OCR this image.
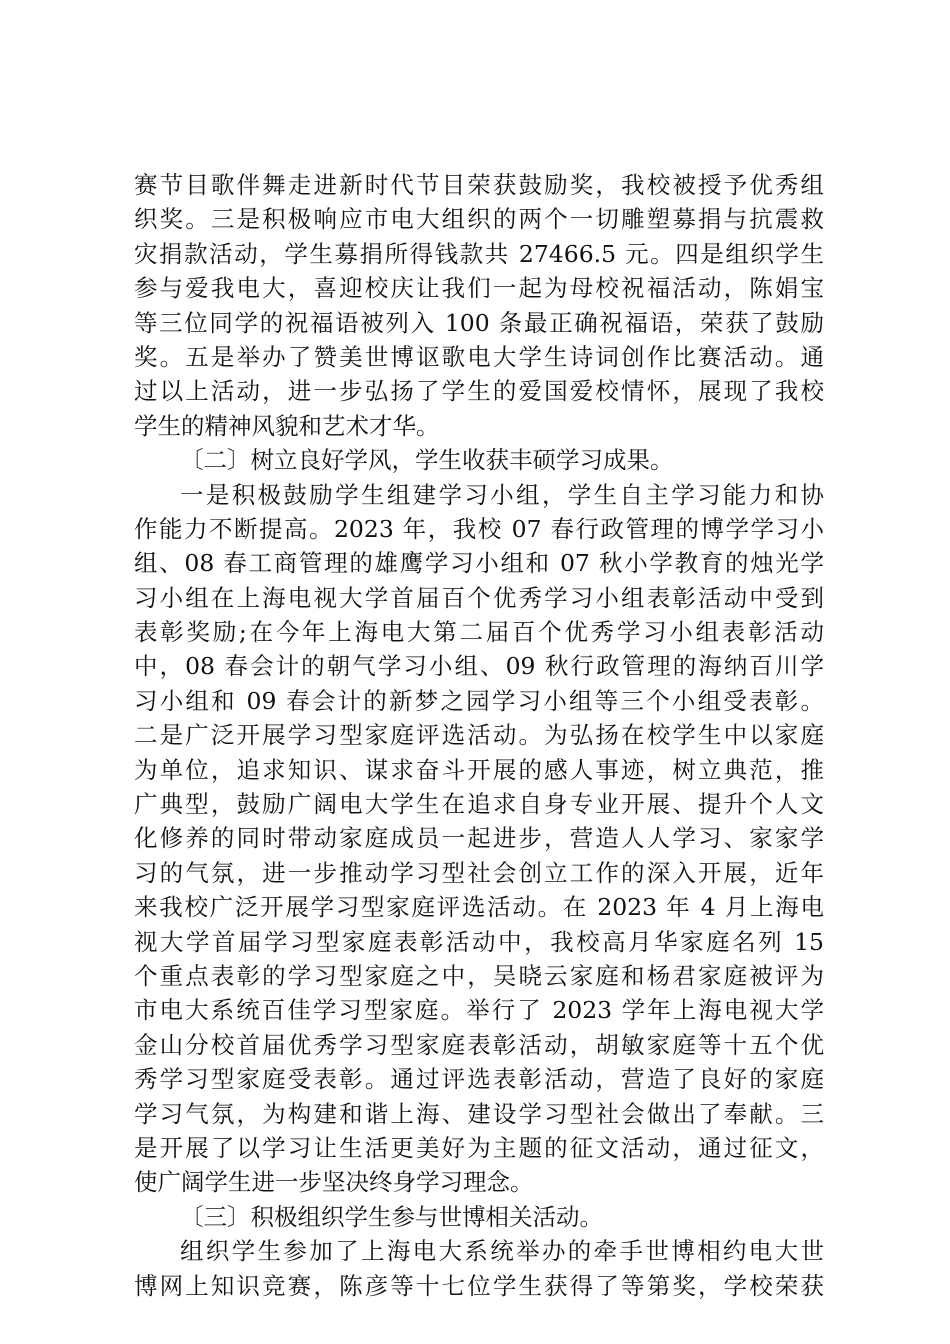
赛节目歌伴舞走进新时代节目荣获鼓励奖，我校被授予优秀组
织奖。三是积极响应市电大组织的两个一切雕塑募捐与抗震救
灾捐款活动，学生募捐所得钱款共 27466.5 元。四是组织学生
参与爱我电大，喜迎校庆让我们一起为母校祝福活动，陈娟宝
等三位同学的祝福语被列入 100 条最正确祝福语，荣获了鼓励
奖。五是举办了赞美世博讴歌电大学生诗词创作比赛活动。通
过以上活动，进一步弘扬了学生的爱国爱校情怀，展现了我校
学生的精神风貌和艺术才华。
〔二〕树立良好学风，学生收获丰硕学习成果。
一是积极鼓励学生组建学习小组，学生自主学习能力和协
作能力不断提高。2023 年，我校 07 春行政管理的博学学习小
组、08 春工商管理的雄鹰学习小组和 07 秋小学教育的烛光学
习小组在上海电视大学首届百个优秀学习小组表彰活动中受到
表彰奖励;在今年上海电大第二届百个优秀学习小组表彰活动
中，08 春会计的朝气学习小组、09 秋行政管理的海纳百川学
习小组和 09 春会计的新梦之园学习小组等三个小组受表彰。
二是广泛开展学习型家庭评选活动。为弘扬在校学生中以家庭
为单位，追求知识、谋求奋斗开展的感人事迹，树立典范，推
广典型，鼓励广阔电大学生在追求自身专业开展、提升个人文
化修养的同时带动家庭成员一起进步，营造人人学习、家家学
习的气氛，进一步推动学习型社会创立工作的深入开展，近年
来我校广泛开展学习型家庭评选活动。在 2023 年 4 月上海电
视大学首届学习型家庭表彰活动中，我校高月华家庭名列 15
个重点表彰的学习型家庭之中，吴晓云家庭和杨君家庭被评为
市电大系统百佳学习型家庭。举行了 2023 学年上海电视大学
金山分校首届优秀学习型家庭表彰活动，胡敏家庭等十五个优
秀学习型家庭受表彰。通过评选表彰活动，营造了良好的家庭
学习气氛，为构建和谐上海、建设学习型社会做出了奉献。三
是开展了以学习让生活更美好为主题的征文活动，通过征文，
使广阔学生进一步坚决终身学习理念。
〔三〕积极组织学生参与世博相关活动。
组织学生参加了上海电大系统举办的牵手世博相约电大世
博网上知识竞赛，陈彦等十七位学生获得了等第奖，学校荣获
